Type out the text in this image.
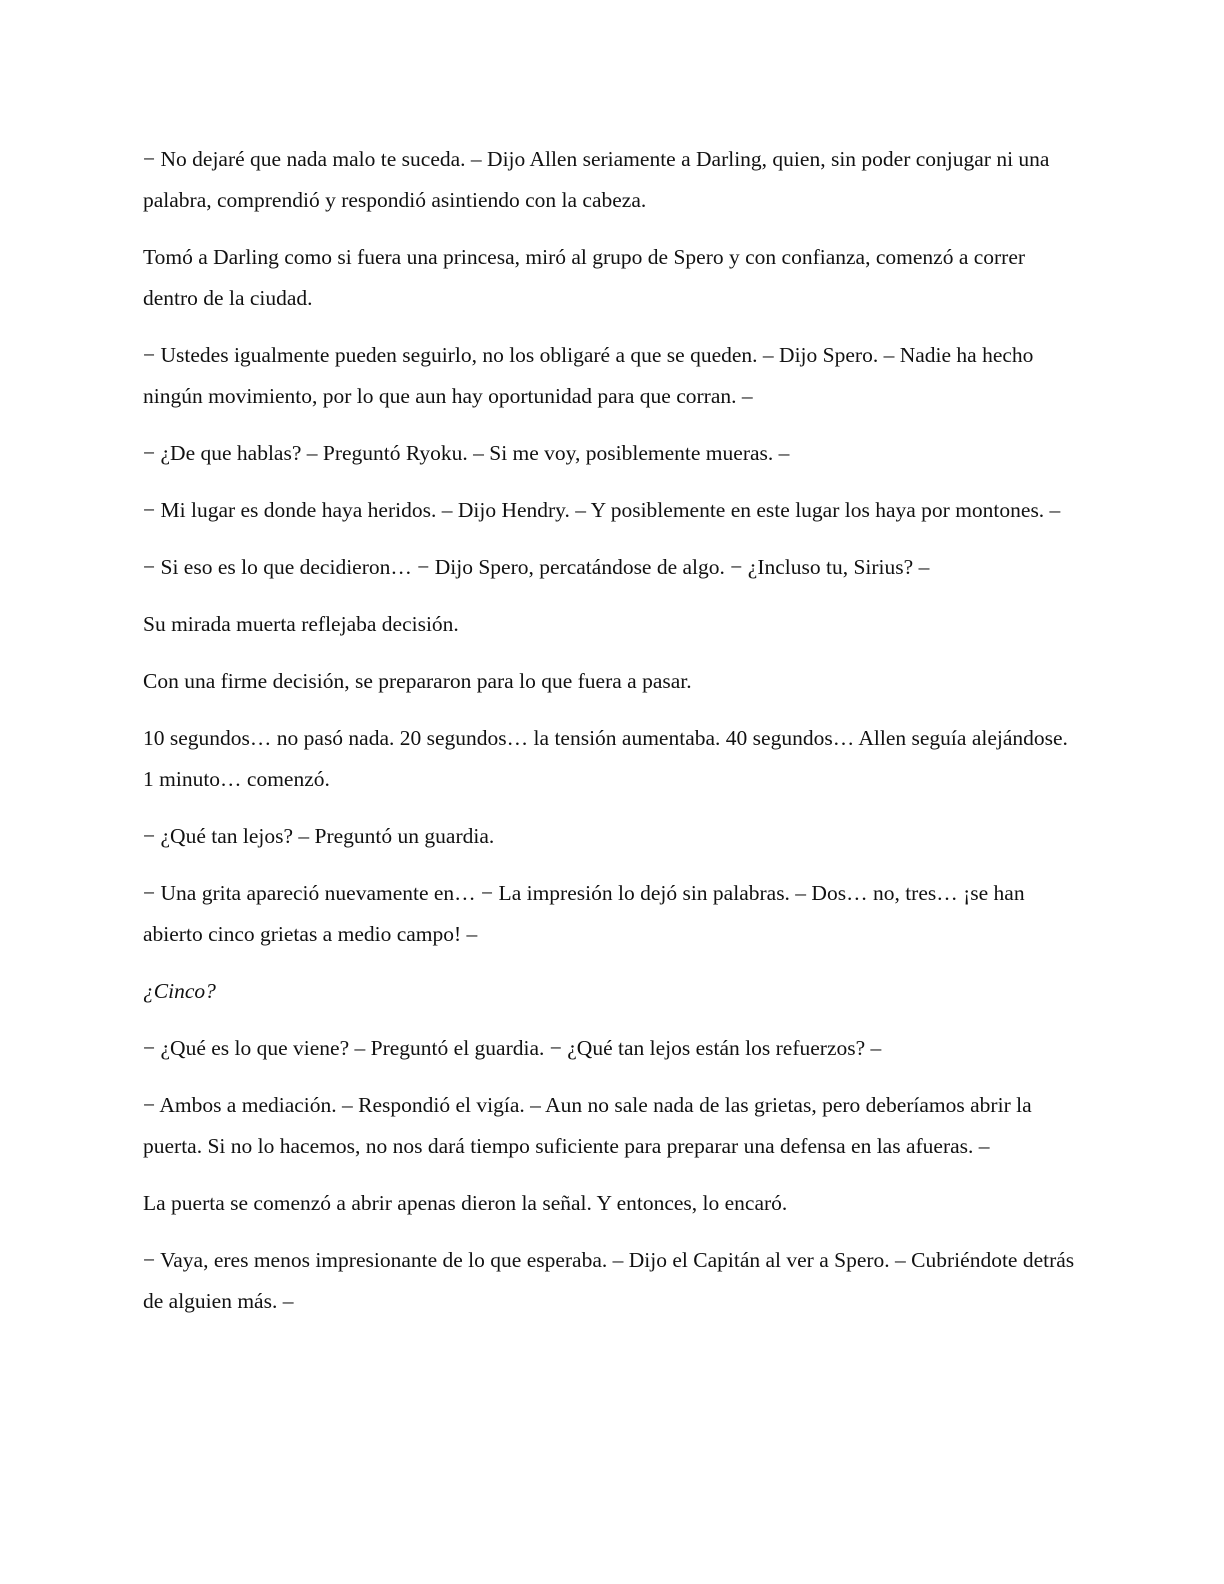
− No dejaré que nada malo te suceda. – Dijo Allen seriamente a Darling, quien, sin poder conjugar ni una palabra, comprendió y respondió asintiendo con la cabeza.

Tomó a Darling como si fuera una princesa, miró al grupo de Spero y con confianza, comenzó a correr dentro de la ciudad.

− Ustedes igualmente pueden seguirlo, no los obligaré a que se queden. – Dijo Spero. – Nadie ha hecho ningún movimiento, por lo que aun hay oportunidad para que corran. –

− ¿De que hablas? – Preguntó Ryoku. – Si me voy, posiblemente mueras. –

− Mi lugar es donde haya heridos. – Dijo Hendry. – Y posiblemente en este lugar los haya por montones. –

− Si eso es lo que decidieron… − Dijo Spero, percatándose de algo. − ¿Incluso tu, Sirius? –

Su mirada muerta reflejaba decisión.

Con una firme decisión, se prepararon para lo que fuera a pasar.

10 segundos… no pasó nada. 20 segundos… la tensión aumentaba. 40 segundos… Allen seguía alejándose. 1 minuto… comenzó.

− ¿Qué tan lejos? – Preguntó un guardia.

− Una grita apareció nuevamente en… − La impresión lo dejó sin palabras. – Dos… no, tres… ¡se han abierto cinco grietas a medio campo! –

¿Cinco?

− ¿Qué es lo que viene? – Preguntó el guardia. − ¿Qué tan lejos están los refuerzos? –

− Ambos a mediación. – Respondió el vigía. – Aun no sale nada de las grietas, pero deberíamos abrir la puerta. Si no lo hacemos, no nos dará tiempo suficiente para preparar una defensa en las afueras. –

La puerta se comenzó a abrir apenas dieron la señal. Y entonces, lo encaró.

− Vaya, eres menos impresionante de lo que esperaba. – Dijo el Capitán al ver a Spero. – Cubriéndote detrás de alguien más. –
